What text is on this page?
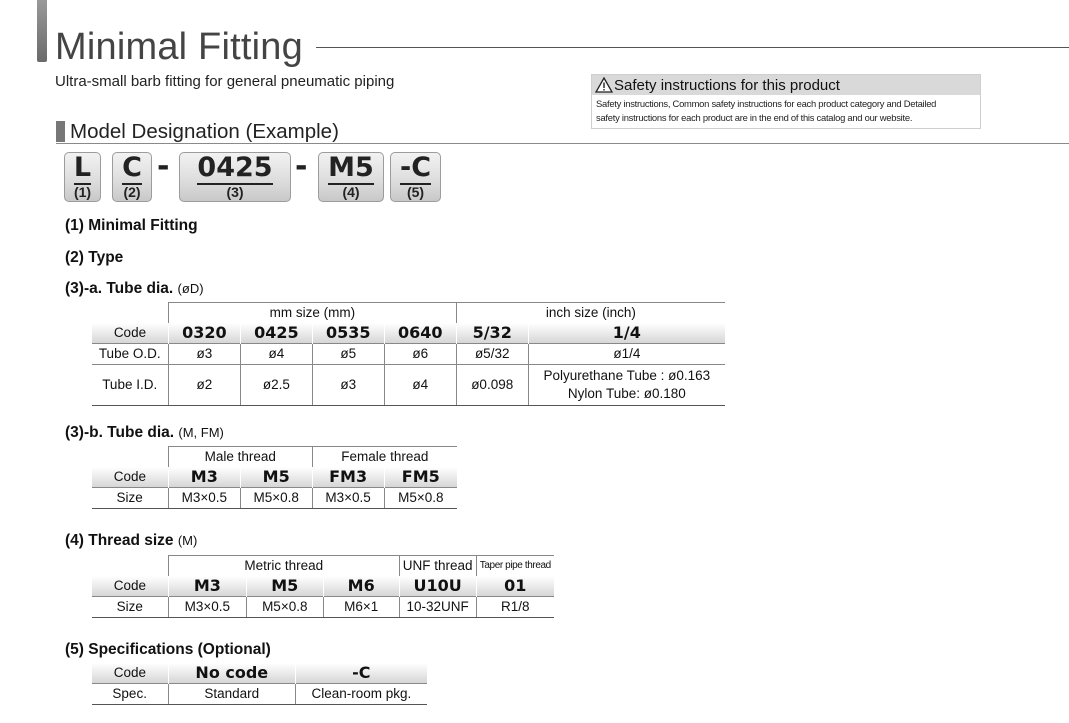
Minimal Fitting
Ultra-small barb fitting for general pneumatic piping	Safety instructions for this product
Safety instructions, Common safety instructions for each product category and Detailed
safety instructions for each product are in the end of this catalog and our website.
Model Designation (Example)
L
(1)
C
(2)
-	0425
(3)
- M5
(4)
-C
(5)
(1) Minimal Fitting
(2) Type
(3)-a. Tube dia. (øD)
	mm size (mm)				inch size (inch)	
Code	0320	0425	0535	0640	5/32	1/4
Tube O.D.	ø3	ø4	ø5	ø6	ø5/32	ø1/4
Tube I.D.	ø2	ø2.5	ø3	ø4	ø0.098	Polyurethane Tube : ø0.163
Nylon Tube: ø0.180
(3)-b. Tube dia. (M, FM)
	Male thread		Female thread	
Code	M3	M5	FM3	FM5
Size	M3×0.5	M5×0.8	M3×0.5	M5×0.8
(4) Thread size (M)
	Metric thread			UNF thread	Taper pipe thread
Code	M3	M5	M6	U10U	01
Size	M3×0.5	M5×0.8	M6×1	10-32UNF	R1/8
(5) Specifications (Optional)
Code	No code	-C
Spec.	Standard	Clean-room pkg.
